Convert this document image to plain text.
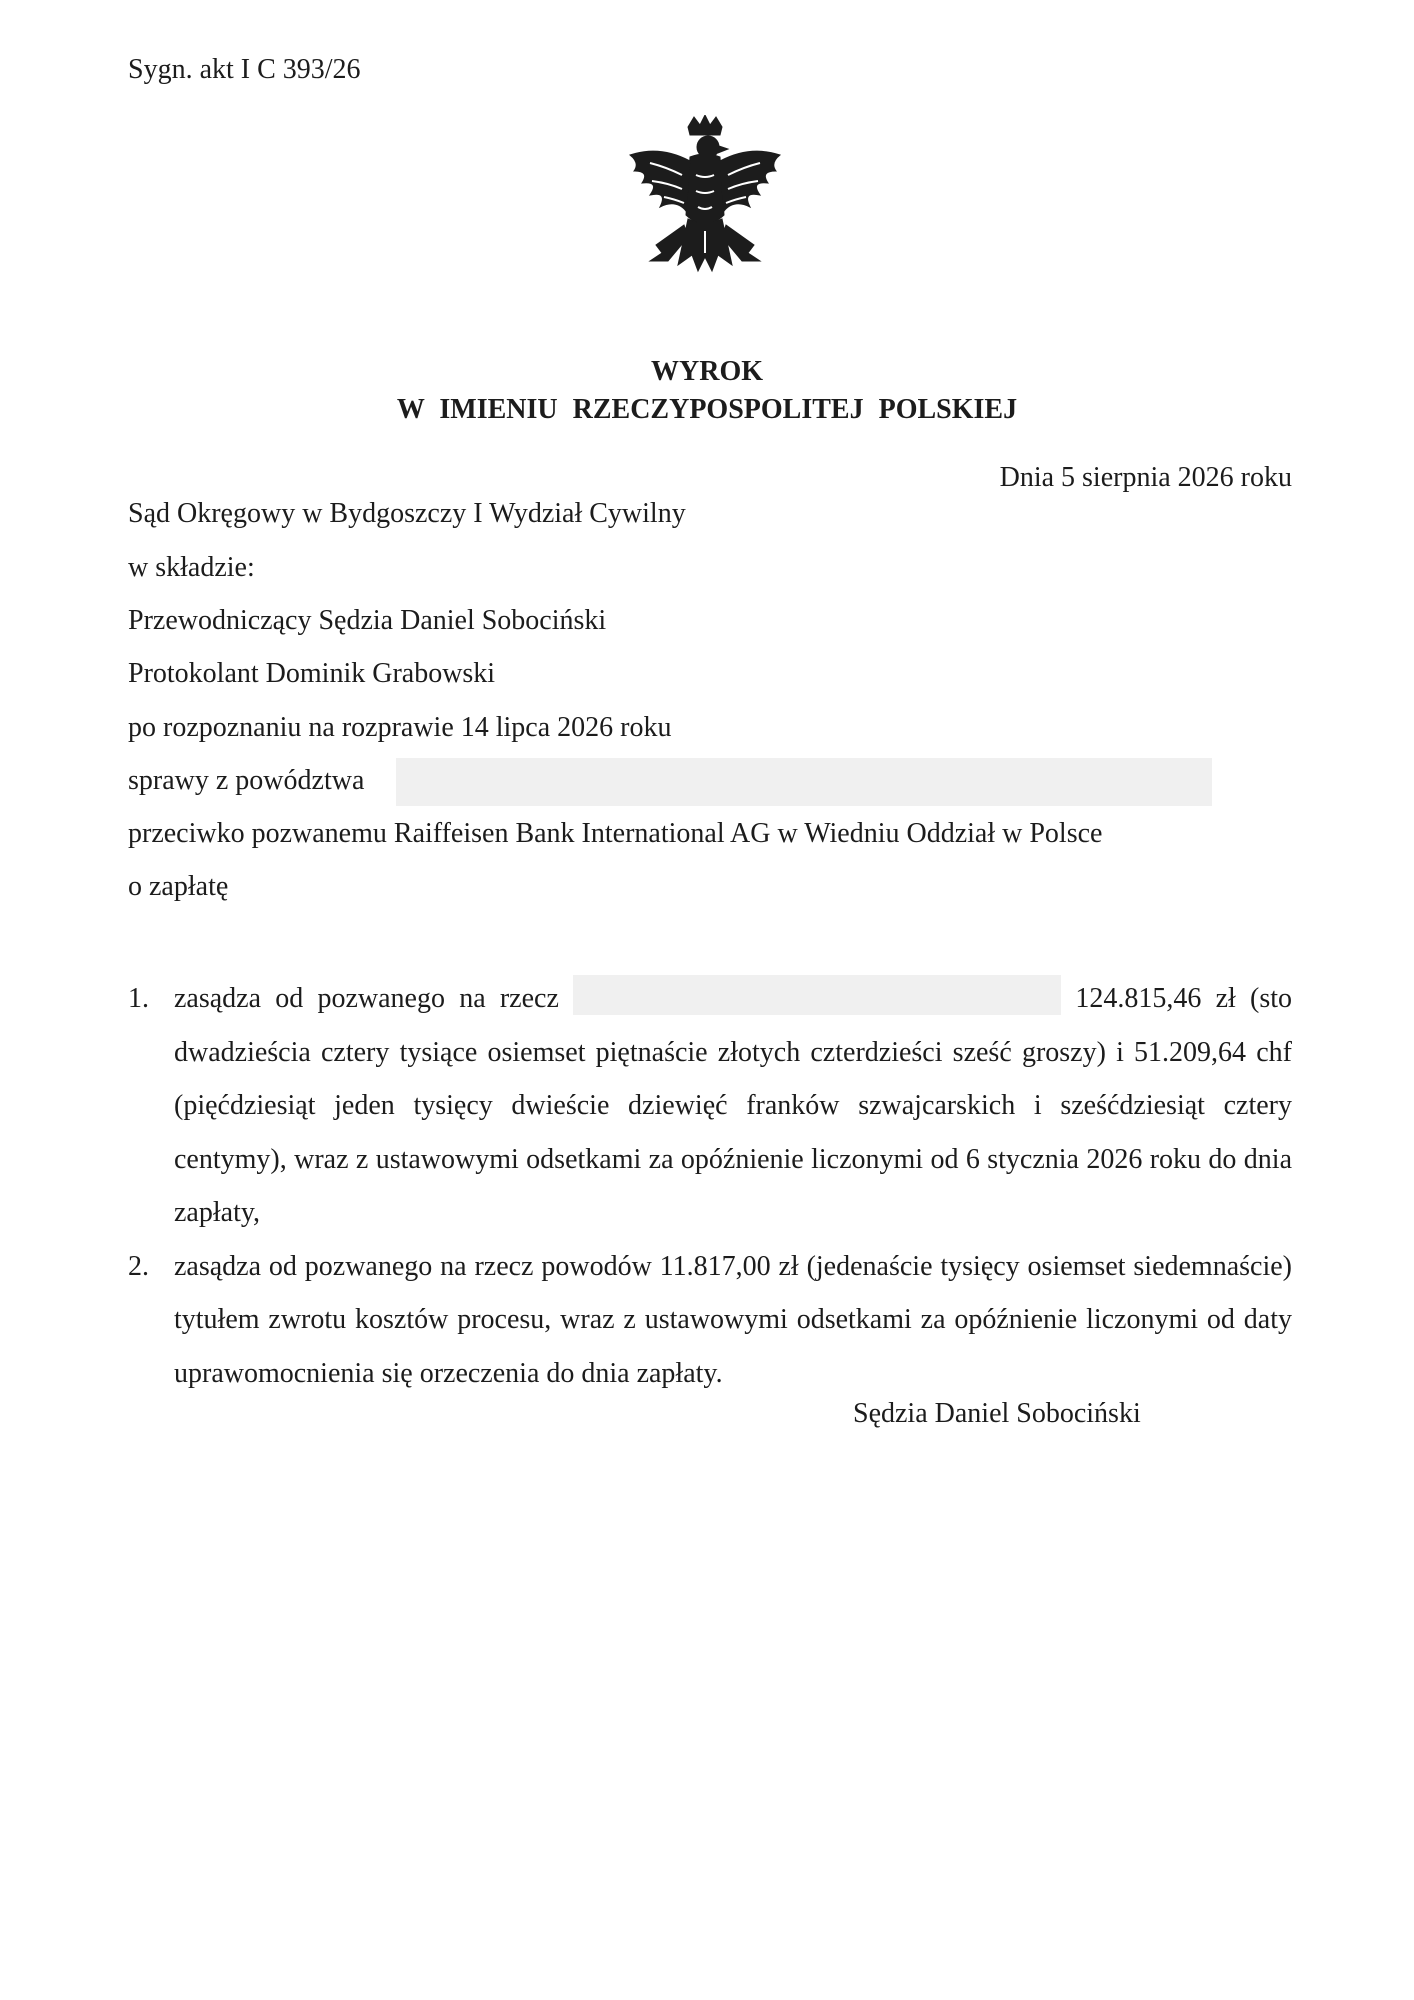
Sygn. akt I C 393/26
WYROK
W IMIENIU RZECZYPOSPOLITEJ POLSKIEJ
Dnia 5 sierpnia 2026 roku
Sąd Okręgowy w Bydgoszczy I Wydział Cywilny
w składzie:
Przewodniczący Sędzia Daniel Sobociński
Protokolant Dominik Grabowski
po rozpoznaniu na rozprawie 14 lipca 2026 roku
sprawy z powództwa
przeciwko pozwanemu Raiffeisen Bank International AG w Wiedniu Oddział w Polsce
o zapłatę
1. zasądza od pozwanego na rzecz	124.815,46 zł (sto dwadzieścia cztery tysiące osiemset piętnaście złotych czterdzieści sześć groszy) i 51.209,64 chf (pięćdziesiąt jeden tysięcy dwieście dziewięć franków szwajcarskich i sześćdziesiąt cztery centymy), wraz z ustawowymi odsetkami za opóźnienie liczonymi od 6 stycznia 2026 roku do dnia zapłaty,
2. zasądza od pozwanego na rzecz powodów 11.817,00 zł (jedenaście tysięcy osiemset siedemnaście) tytułem zwrotu kosztów procesu, wraz z ustawowymi odsetkami za opóźnienie liczonymi od daty uprawomocnienia się orzeczenia do dnia zapłaty.
Sędzia Daniel Sobociński
